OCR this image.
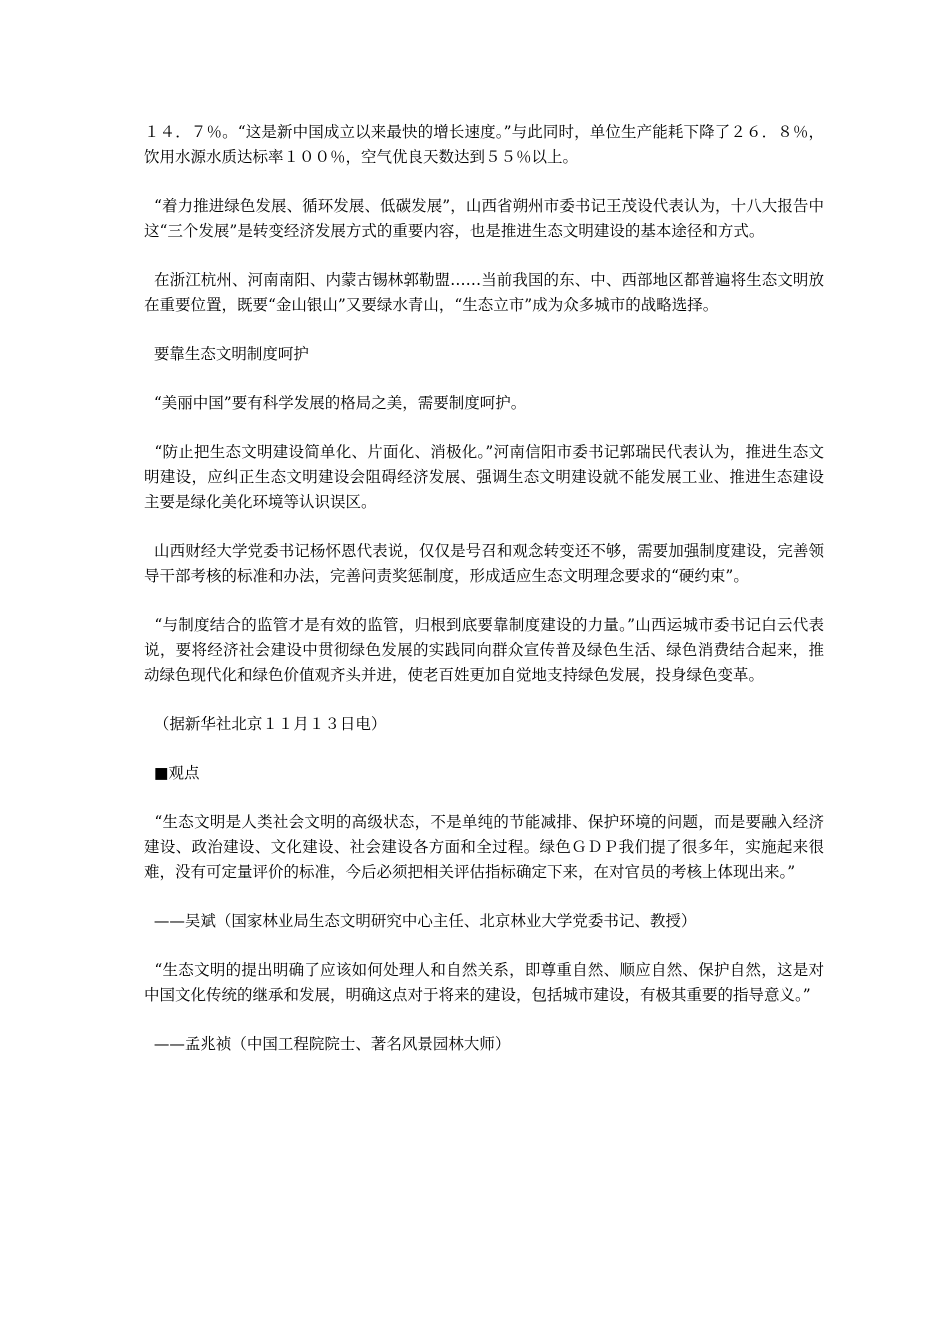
１４．７％。“这是新中国成立以来最快的增长速度。”与此同时，单位生产能耗下降了２６．８％，饮用水源水质达标率１００％，空气优良天数达到５５％以上。

“着力推进绿色发展、循环发展、低碳发展”，山西省朔州市委书记王茂设代表认为，十八大报告中这“三个发展”是转变经济发展方式的重要内容，也是推进生态文明建设的基本途径和方式。

在浙江杭州、河南南阳、内蒙古锡林郭勒盟……当前我国的东、中、西部地区都普遍将生态文明放在重要位置，既要“金山银山”又要绿水青山，“生态立市”成为众多城市的战略选择。

要靠生态文明制度呵护

“美丽中国”要有科学发展的格局之美，需要制度呵护。

“防止把生态文明建设简单化、片面化、消极化。”河南信阳市委书记郭瑞民代表认为，推进生态文明建设，应纠正生态文明建设会阻碍经济发展、强调生态文明建设就不能发展工业、推进生态建设主要是绿化美化环境等认识误区。

山西财经大学党委书记杨怀恩代表说，仅仅是号召和观念转变还不够，需要加强制度建设，完善领导干部考核的标准和办法，完善问责奖惩制度，形成适应生态文明理念要求的“硬约束”。

“与制度结合的监管才是有效的监管，归根到底要靠制度建设的力量。”山西运城市委书记白云代表说，要将经济社会建设中贯彻绿色发展的实践同向群众宣传普及绿色生活、绿色消费结合起来，推动绿色现代化和绿色价值观齐头并进，使老百姓更加自觉地支持绿色发展，投身绿色变革。

（据新华社北京１１月１３日电）

■观点

“生态文明是人类社会文明的高级状态，不是单纯的节能减排、保护环境的问题，而是要融入经济建设、政治建设、文化建设、社会建设各方面和全过程。绿色ＧＤＰ我们提了很多年，实施起来很难，没有可定量评价的标准，今后必须把相关评估指标确定下来，在对官员的考核上体现出来。”

——吴斌（国家林业局生态文明研究中心主任、北京林业大学党委书记、教授）

“生态文明的提出明确了应该如何处理人和自然关系，即尊重自然、顺应自然、保护自然，这是对中国文化传统的继承和发展，明确这点对于将来的建设，包括城市建设，有极其重要的指导意义。”

——孟兆祯（中国工程院院士、著名风景园林大师）
